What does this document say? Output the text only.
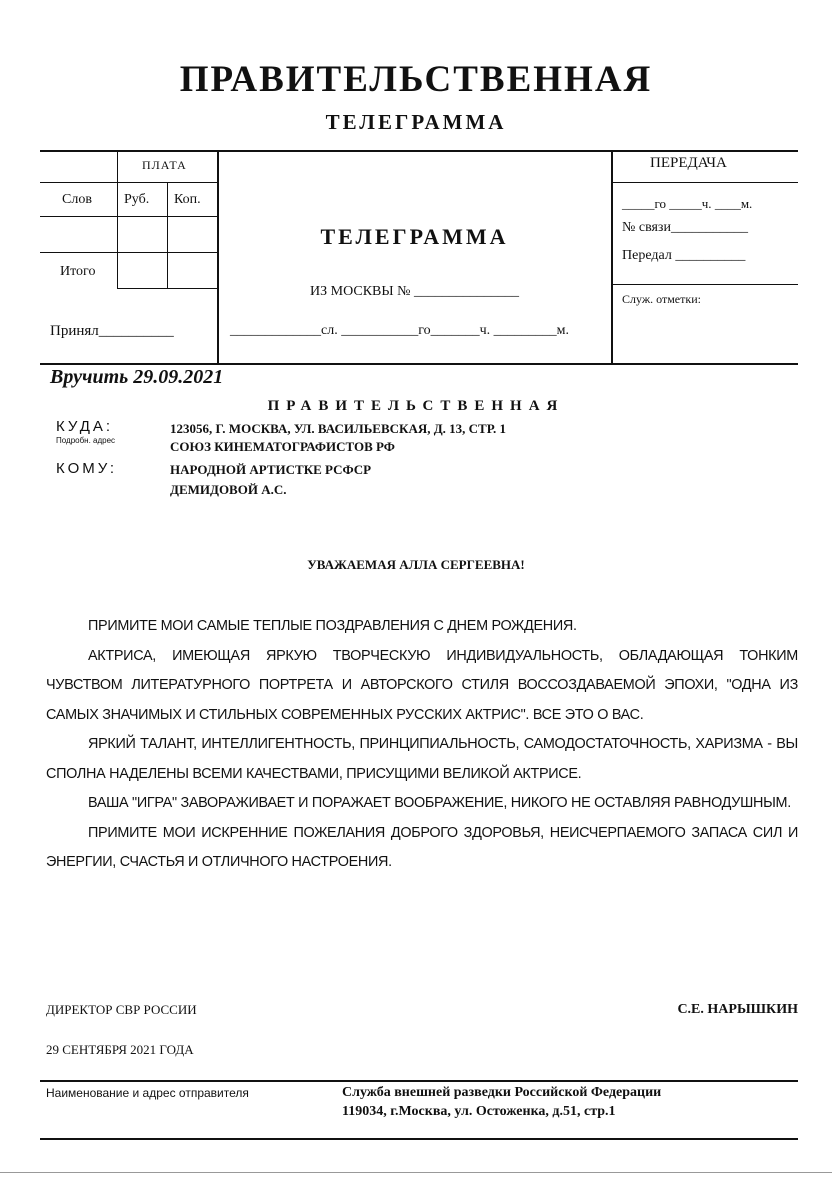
ПРАВИТЕЛЬСТВЕННАЯ
ТЕЛЕГРАММА
ПЛАТА
Слов Руб. Коп.
Итого
Принял__________
ТЕЛЕГРАММА
ИЗ МОСКВЫ № _______________
_____________сл. ___________го_______ч. _________м.
ПЕРЕДАЧА
_____го _____ч. ____м.
№ связи___________
Передал __________
Служ. отметки:
Вручить 29.09.2021
ПРАВИТЕЛЬСТВЕННАЯ
КУДА:
Подробн. адрес
123056, Г. МОСКВА, УЛ. ВАСИЛЬЕВСКАЯ, Д. 13, СТР. 1
СОЮЗ КИНЕМАТОГРАФИСТОВ РФ
КОМУ:	НАРОДНОЙ АРТИСТКЕ РСФСР
ДЕМИДОВОЙ А.С.
УВАЖАЕМАЯ АЛЛА СЕРГЕЕВНА!

ПРИМИТЕ МОИ САМЫЕ ТЕПЛЫЕ ПОЗДРАВЛЕНИЯ С ДНЕМ РОЖДЕНИЯ.

АКТРИСА, ИМЕЮЩАЯ ЯРКУЮ ТВОРЧЕСКУЮ ИНДИВИДУАЛЬНОСТЬ, ОБЛАДАЮЩАЯ ТОНКИМ ЧУВСТВОМ ЛИТЕРАТУРНОГО ПОРТРЕТА И АВТОРСКОГО СТИЛЯ ВОССОЗДАВАЕМОЙ ЭПОХИ, "ОДНА ИЗ САМЫХ ЗНАЧИМЫХ И СТИЛЬНЫХ СОВРЕМЕННЫХ РУССКИХ АКТРИС". ВСЕ ЭТО О ВАС.

ЯРКИЙ ТАЛАНТ, ИНТЕЛЛИГЕНТНОСТЬ, ПРИНЦИПИАЛЬНОСТЬ, САМОДОСТАТОЧНОСТЬ, ХАРИЗМА - ВЫ СПОЛНА НАДЕЛЕНЫ ВСЕМИ КАЧЕСТВАМИ, ПРИСУЩИМИ ВЕЛИКОЙ АКТРИСЕ.

ВАША "ИГРА" ЗАВОРАЖИВАЕТ И ПОРАЖАЕТ ВООБРАЖЕНИЕ, НИКОГО НЕ ОСТАВЛЯЯ РАВНОДУШНЫМ.

ПРИМИТЕ МОИ ИСКРЕННИЕ ПОЖЕЛАНИЯ ДОБРОГО ЗДОРОВЬЯ, НЕИСЧЕРПАЕМОГО ЗАПАСА СИЛ И ЭНЕРГИИ, СЧАСТЬЯ И ОТЛИЧНОГО НАСТРОЕНИЯ.

ДИРЕКТОР СВР РОССИИ	С.Е. НАРЫШКИН
29 СЕНТЯБРЯ 2021 ГОДА
Наименование и адрес отправителя	Служба внешней разведки Российской Федерации
119034, г.Москва, ул. Остоженка, д.51, стр.1
